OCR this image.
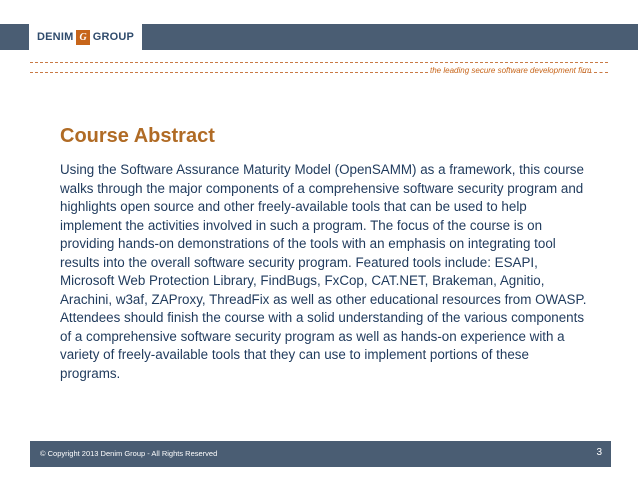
DENIM G GROUP
the leading secure software development firm
Course Abstract

Using the Software Assurance Maturity Model (OpenSAMM) as a framework, this course walks through the major components of a comprehensive software security program and highlights open source and other freely-available tools that can be used to help implement the activities involved in such a program. The focus of the course is on providing hands-on demonstrations of the tools with an emphasis on integrating tool results into the overall software security program. Featured tools include: ESAPI, Microsoft Web Protection Library, FindBugs, FxCop, CAT.NET, Brakeman, Agnitio, Arachini, w3af, ZAProxy, ThreadFix as well as other educational resources from OWASP. Attendees should finish the course with a solid understanding of the various components of a comprehensive software security program as well as hands-on experience with a variety of freely-available tools that they can use to implement portions of these programs.

© Copyright 2013 Denim Group - All Rights Reserved	3
